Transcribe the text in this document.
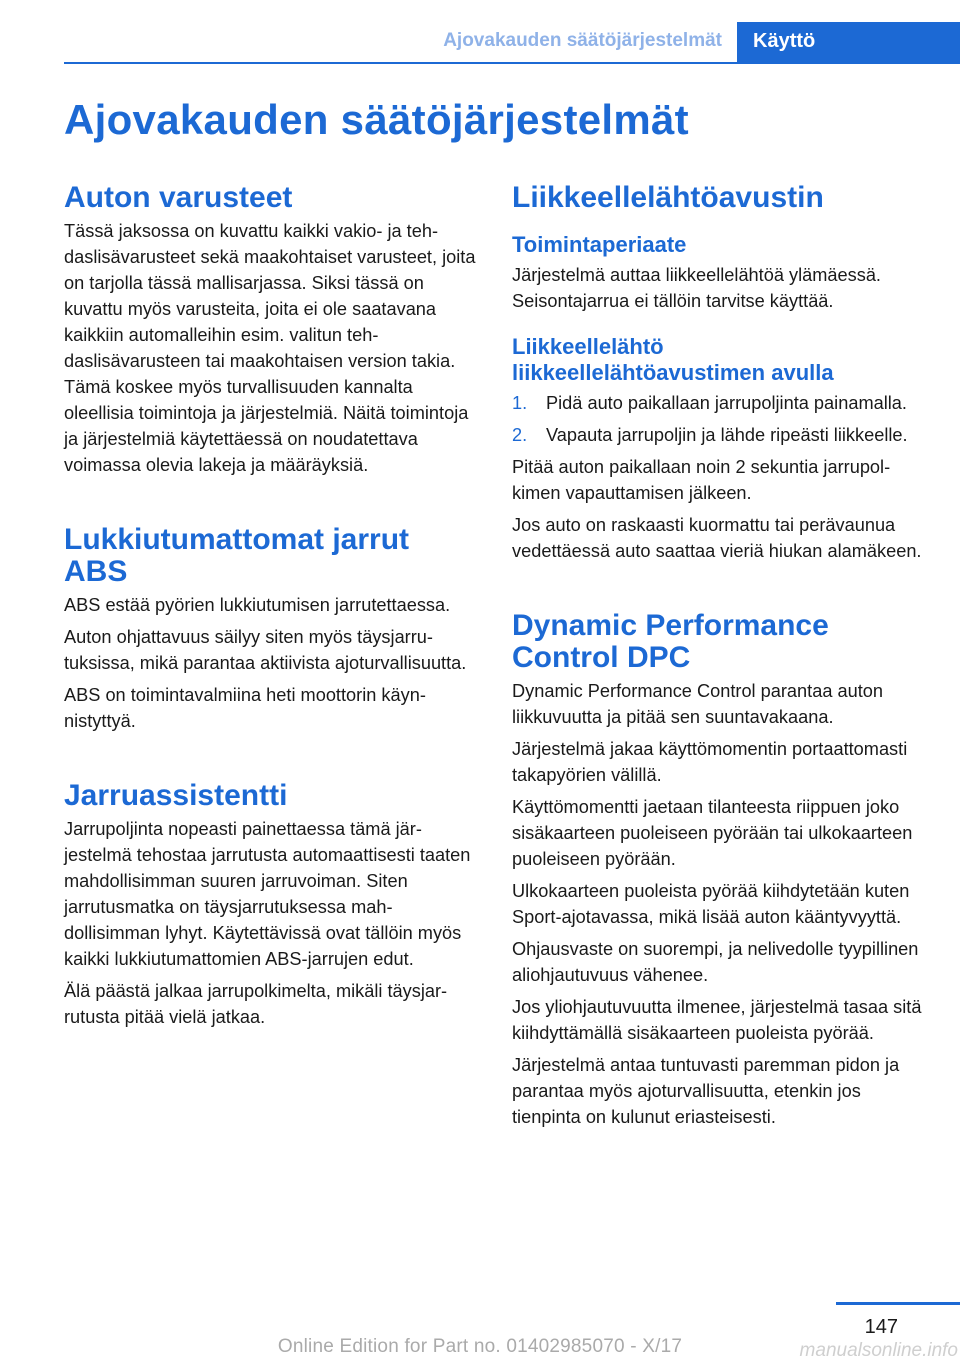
Ajovakauden säätöjärjestelmät	Käyttö
Ajovakauden säätöjärjestelmät
Auton varusteet

Tässä jaksossa on kuvattu kaikki vakio- ja tehdaslisävarusteet sekä maakohtaiset varusteet, joita on tarjolla tässä mallisarjassa. Siksi tässä on kuvattu myös varusteita, joita ei ole saatavana kaikkiin automalleihin esim. valitun tehdaslisävarusteen tai maakohtaisen version takia. Tämä koskee myös turvallisuuden kannalta oleellisia toimintoja ja järjestelmiä. Näitä toimintoja ja järjestelmiä käytettäessä on noudatettava voimassa olevia lakeja ja määräyksiä.

Lukkiutumattomat jarrut
ABS

ABS estää pyörien lukkiutumisen jarrutettaessa.

Auton ohjattavuus säilyy siten myös täysjarrutuksissa, mikä parantaa aktiivista ajoturvallisuutta.

ABS on toimintavalmiina heti moottorin käynnistyttyä.

Jarruassistentti

Jarrupoljinta nopeasti painettaessa tämä järjestelmä tehostaa jarrutusta automaattisesti taaten mahdollisimman suuren jarruvoiman. Siten jarrutusmatka on täysjarrutuksessa mahdollisimman lyhyt. Käytettävissä ovat tällöin myös kaikki lukkiutumattomien ABS-jarrujen edut.

Älä päästä jalkaa jarrupolkimelta, mikäli täysjarrutusta pitää vielä jatkaa.

Liikkeellelähtöavustin
Toimintaperiaate

Järjestelmä auttaa liikkeellelähtöä ylämäessä. Seisontajarrua ei tällöin tarvitse käyttää.

Liikkeellelähtö
liikkeellelähtöavustimen avulla
1. Pidä auto paikallaan jarrupoljinta painamalla.
2. Vapauta jarrupoljin ja lähde ripeästi liikkeelle.

Pitää auton paikallaan noin 2 sekuntia jarrupolkimen vapauttamisen jälkeen.

Jos auto on raskaasti kuormattu tai perävaunua vedettäessä auto saattaa vieriä hiukan alamäkeen.

Dynamic Performance
Control DPC

Dynamic Performance Control parantaa auton liikkuvuutta ja pitää sen suuntavakaana.

Järjestelmä jakaa käyttömomentin portaattomasti takapyörien välillä.

Käyttömomentti jaetaan tilanteesta riippuen joko sisäkaarteen puoleiseen pyörään tai ulkokaarteen puoleiseen pyörään.

Ulkokaarteen puoleista pyörää kiihdytetään kuten Sport-ajotavassa, mikä lisää auton kääntyvyyttä.

Ohjausvaste on suorempi, ja nelivedolle tyypillinen aliohjautuvuus vähenee.

Jos yliohjautuvuutta ilmenee, järjestelmä tasaa sitä kiihdyttämällä sisäkaarteen puoleista pyörää.

Järjestelmä antaa tuntuvasti paremman pidon ja parantaa myös ajoturvallisuutta, etenkin jos tienpinta on kulunut eriasteisesti.

147
Online Edition for Part no. 01402985070 - X/17	manualsonline.info
